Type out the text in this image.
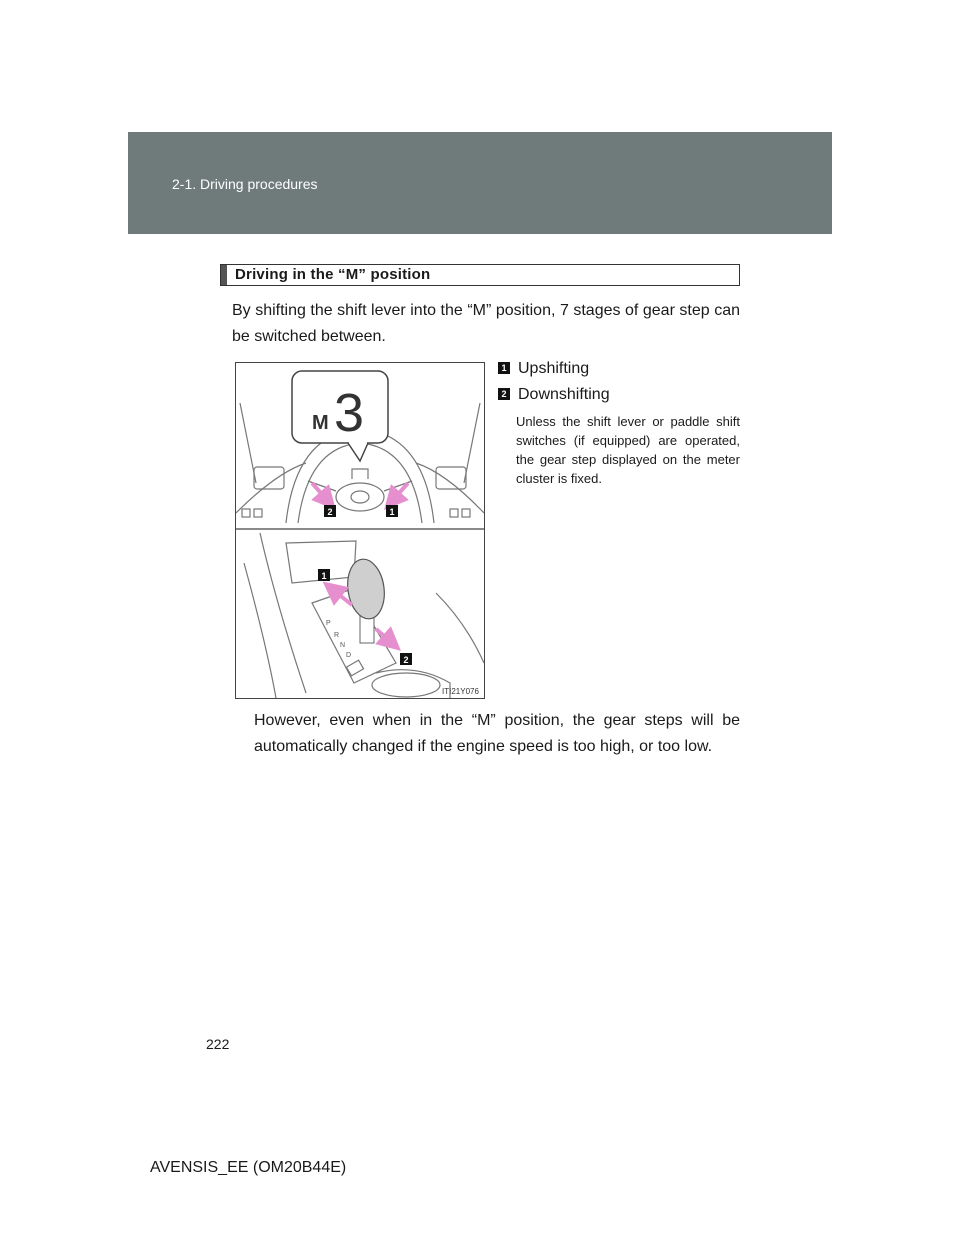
2-1. Driving procedures
Driving in the “M” position
By shifting the shift lever into the “M” position, 7 stages of gear step can be switched between.
M 3
2	1
P
R
N
D
1
2
ITI21Y076
1 Upshifting
2 Downshifting
Unless the shift lever or paddle shift switches (if equipped) are operated, the gear step displayed on the meter cluster is fixed.
However, even when in the “M” position, the gear steps will be automatically changed if the engine speed is too high, or too low.
222
AVENSIS_EE (OM20B44E)
